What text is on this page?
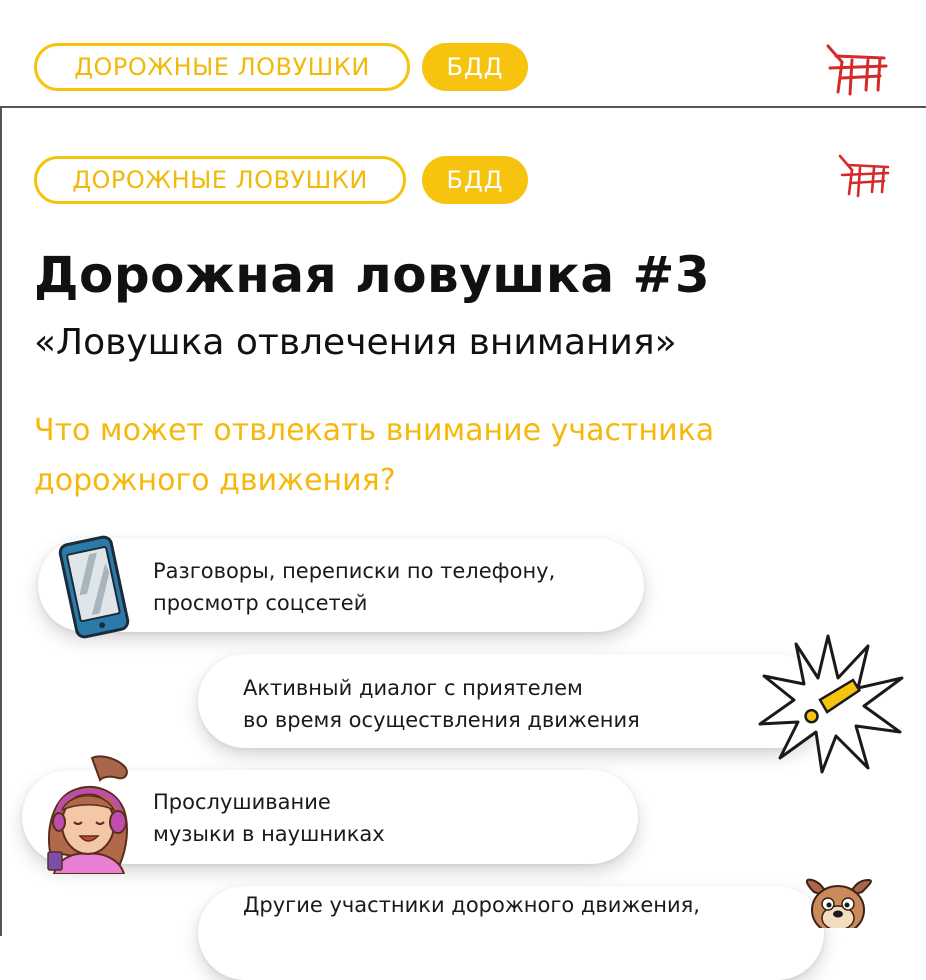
ДОРОЖНЫЕ ЛОВУШКИ	БДД
ДОРОЖНЫЕ ЛОВУШКИ	БДД
Дорожная ловушка #3
«Ловушка отвлечения внимания»
Что может отвлекать внимание участника
дорожного движения?
Разговоры, переписки по телефону,
просмотр соцсетей
Активный диалог с приятелем
во время осуществления движения
Прослушивание
музыки в наушниках
Другие участники дорожного движения,
